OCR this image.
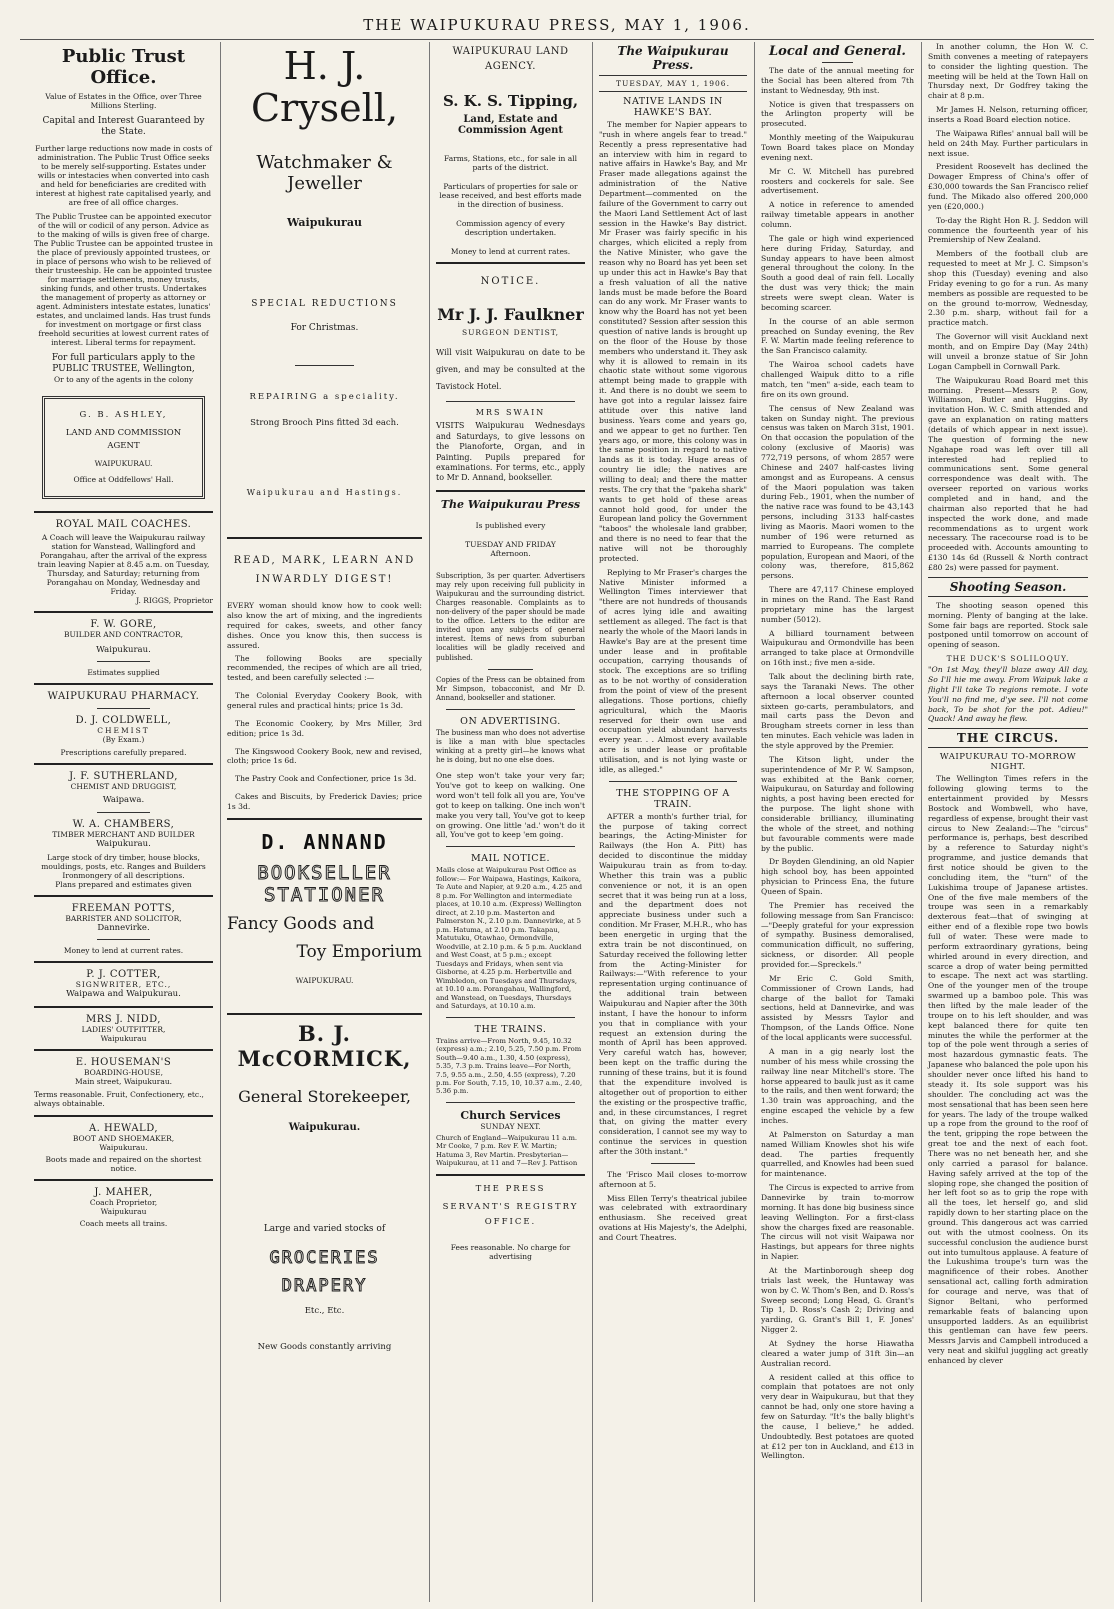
THE WAIPUKURAU PRESS, MAY 1, 1906.
Public Trust Office.
Value of Estates in the Office, over Three Millions Sterling.
Capital and Interest Guaranteed by the State.
Further large reductions now made in costs of administration. The Public Trust Office seeks to be merely self-supporting. Estates under wills or intestacies when converted into cash and held for beneficiaries are credited with interest at highest rate capitalised yearly, and are free of all office charges.
The Public Trustee can be appointed executor of the will or codicil of any person. Advice as to the making of wills is given free of charge. The Public Trustee can be appointed trustee in the place of previously appointed trustees, or in place of persons who wish to be relieved of their trusteeship. He can be appointed trustee for marriage settlements, money trusts, sinking funds, and other trusts. Undertakes the management of property as attorney or agent. Administers intestate estates, lunatics' estates, and unclaimed lands. Has trust funds for investment on mortgage or first class freehold securities at lowest current rates of interest. Liberal terms for repayment.
For full particulars apply to the PUBLIC TRUSTEE, Wellington,
Or to any of the agents in the colony
G. B. ASHLEY,
LAND AND COMMISSION AGENT
WAIPUKURAU.
Office at Oddfellows' Hall.
ROYAL MAIL COACHES.
A Coach will leave the Waipukurau railway station for Wanstead, Wallingford and Porangahau, after the arrival of the express train leaving Napier at 8.45 a.m. on Tuesday, Thursday, and Saturday; returning from Porangahau on Monday, Wednesday and Friday.
J. RIGGS, Proprietor
F. W. GORE,
BUILDER AND CONTRACTOR,
Waipukurau.
Estimates supplied
WAIPUKURAU PHARMACY.
D. J. COLDWELL,
CHEMIST
(By Exam.)
Prescriptions carefully prepared.
J. F. SUTHERLAND,
CHEMIST AND DRUGGIST,
Waipawa.
W. A. CHAMBERS,
TIMBER MERCHANT AND BUILDER
Waipukurau.
Large stock of dry timber, house blocks, mouldings, posts, etc. Ranges and Builders Ironmongery of all descriptions.
Plans prepared and estimates given
FREEMAN POTTS,
BARRISTER AND SOLICITOR,
Dannevirke.
Money to lend at current rates.
P. J. COTTER,
SIGNWRITER, ETC.,
Waipawa and Waipukurau.
MRS J. NIDD,
LADIES' OUTFITTER,
Waipukurau
E. HOUSEMAN'S
BOARDING-HOUSE,
Main street, Waipukurau.
Terms reasonable. Fruit, Confectionery, etc., always obtainable.
A. HEWALD,
BOOT AND SHOEMAKER,
Waipukurau.
Boots made and repaired on the shortest notice.
J. MAHER,
Coach Proprietor,
Waipukurau
Coach meets all trains.
H. J. Crysell,
Watchmaker & Jeweller
Waipukurau
SPECIAL REDUCTIONS
For Christmas.
REPAIRING a speciality.
Strong Brooch Pins fitted 3d each.
Waipukurau and Hastings.
READ, MARK, LEARN AND INWARDLY DIGEST!
EVERY woman should know how to cook well: also know the art of mixing, and the ingredients required for cakes, sweets, and other fancy dishes. Once you know this, then success is assured.
The following Books are specially recommended, the recipes of which are all tried, tested, and been carefully selected :—

The Colonial Everyday Cookery Book, with general rules and practical hints; price 1s 3d.

The Economic Cookery, by Mrs Miller, 3rd edition; price 1s 3d.

The Kingswood Cookery Book, new and revised, cloth; price 1s 6d.

The Pastry Cook and Confectioner, price 1s 3d.

Cakes and Biscuits, by Frederick Davies; price 1s 3d.

D. ANNAND
BOOKSELLER STATIONER
Fancy Goods and
Toy Emporium
WAIPUKURAU.
B. J. McCORMICK,
General Storekeeper,
Waipukurau.
Large and varied stocks of
GROCERIES
DRAPERY
Etc., Etc.
New Goods constantly arriving
WAIPUKURAU LAND AGENCY.
S. K. S. Tipping,
Land, Estate and Commission Agent
Farms, Stations, etc., for sale in all parts of the district.
Particulars of properties for sale or lease received, and best efforts made in the direction of business.
Commission agency of every description undertaken.
Money to lend at current rates.
NOTICE.
Mr J. J. Faulkner
SURGEON DENTIST,
Will visit Waipukurau on date to be given, and may be consulted at the Tavistock Hotel.
MRS SWAIN
VISITS Waipukurau Wednesdays and Saturdays, to give lessons on the Pianoforte, Organ, and in Painting. Pupils prepared for examinations. For terms, etc., apply to Mr D. Annand, bookseller.
The Waipukurau Press
Is published every
TUESDAY AND FRIDAY
Afternoon.
Subscription, 3s per quarter. Advertisers may rely upon receiving full publicity in Waipukurau and the surrounding district. Charges reasonable. Complaints as to non-delivery of the paper should be made to the office. Letters to the editor are invited upon any subjects of general interest. Items of news from suburban localities will be gladly received and published.
Copies of the Press can be obtained from Mr Simpson, tobacconist, and Mr D. Annand, bookseller and stationer.
ON ADVERTISING.
The business man who does not advertise is like a man with blue spectacles winking at a pretty girl—he knows what he is doing, but no one else does.
One step won't take your very far; You've got to keep on walking. One word won't tell folk all you are, You've got to keep on talking. One inch won't make you very tall, You've got to keep on growing. One little 'ad.' won't do it all, You've got to keep 'em going.
MAIL NOTICE.
Mails close at Waipukurau Post Office as follow:— For Waipawa, Hastings, Kaikora, Te Aute and Napier, at 9.20 a.m., 4.25 and 8 p.m. For Wellington and intermediate places, at 10.10 a.m. (Express) Wellington direct, at 2.10 p.m. Masterton and Palmerston N., 2.10 p.m. Dannevirke, at 5 p.m. Hatuma, at 2.10 p.m. Takapau, Matutuku, Otawhao, Ormondville, Woodville, at 2.10 p.m. & 5 p.m. Auckland and West Coast, at 5 p.m.; except Tuesdays and Fridays, when sent via Gisborne, at 4.25 p.m. Herbertville and Wimbledon, on Tuesdays and Thursdays, at 10.10 a.m. Porangahau, Wallingford, and Wanstead, on Tuesdays, Thursdays and Saturdays, at 10.10 a.m.
THE TRAINS.
Trains arrive—From North, 9.45, 10.32 (express) a.m.; 2.10, 5.25, 7.50 p.m. From South—9.40 a.m., 1.30, 4.50 (express), 5.35, 7.3 p.m. Trains leave—For North, 7.5, 9.55 a.m., 2.50, 4.55 (express), 7.20 p.m. For South, 7.15, 10, 10.37 a.m., 2.40, 5.36 p.m.
Church Services
SUNDAY NEXT.
Church of England—Waipukurau 11 a.m. Mr Cooke, 7 p.m. Rev F. W. Martin; Hatuma 3, Rev Martin. Presbyterian—Waipukurau, at 11 and 7—Rev J. Pattison
THE PRESS
SERVANT'S REGISTRY OFFICE.
Fees reasonable. No charge for advertising
The Waipukurau Press.
TUESDAY, MAY 1, 1906.
NATIVE LANDS IN HAWKE'S BAY.

The member for Napier appears to "rush in where angels fear to tread." Recently a press representative had an interview with him in regard to native affairs in Hawke's Bay, and Mr Fraser made allegations against the administration of the Native Department—commented on the failure of the Government to carry out the Maori Land Settlement Act of last session in the Hawke's Bay district. Mr Fraser was fairly specific in his charges, which elicited a reply from the Native Minister, who gave the reason why no Board has yet been set up under this act in Hawke's Bay that a fresh valuation of all the native lands must be made before the Board can do any work. Mr Fraser wants to know why the Board has not yet been constituted? Session after session this question of native lands is brought up on the floor of the House by those members who understand it. They ask why it is allowed to remain in its chaotic state without some vigorous attempt being made to grapple with it. And there is no doubt we seem to have got into a regular laissez faire attitude over this native land business. Years come and years go, and we appear to get no further. Ten years ago, or more, this colony was in the same position in regard to native lands as it is today. Huge areas of country lie idle; the natives are willing to deal; and there the matter rests. The cry that the "pakeha shark" wants to get hold of these areas cannot hold good, for under the European land policy the Government "taboos" the wholesale land grabber, and there is no need to fear that the native will not be thoroughly protected.

Replying to Mr Fraser's charges the Native Minister informed a Wellington Times interviewer that "there are not hundreds of thousands of acres lying idle and awaiting settlement as alleged. The fact is that nearly the whole of the Maori lands in Hawke's Bay are at the present time under lease and in profitable occupation, carrying thousands of stock. The exceptions are so trifling as to be not worthy of consideration from the point of view of the present allegations. Those portions, chiefly agricultural, which the Maoris reserved for their own use and occupation yield abundant harvests every year. . . Almost every available acre is under lease or profitable utilisation, and is not lying waste or idle, as alleged."

THE STOPPING OF A TRAIN.

AFTER a month's further trial, for the purpose of taking correct bearings, the Acting-Minister for Railways (the Hon A. Pitt) has decided to discontinue the midday Waipukurau train as from to-day. Whether this train was a public convenience or not, it is an open secret that it was being run at a loss, and the department does not appreciate business under such a condition. Mr Fraser, M.H.R., who has been energetic in urging that the extra train be not discontinued, on Saturday received the following letter from the Acting-Minister for Railways:—"With reference to your representation urging continuance of the additional train between Waipukurau and Napier after the 30th instant, I have the honour to inform you that in compliance with your request an extension during the month of April has been approved. Very careful watch has, however, been kept on the traffic during the running of these trains, but it is found that the expenditure involved is altogether out of proportion to either the existing or the prospective traffic, and, in these circumstances, I regret that, on giving the matter every consideration, I cannot see my way to continue the services in question after the 30th instant."

The 'Frisco Mail closes to-morrow afternoon at 5.

Miss Ellen Terry's theatrical jubilee was celebrated with extraordinary enthusiasm. She received great ovations at His Majesty's, the Adelphi, and Court Theatres.

Local and General.

The date of the annual meeting for the Social has been altered from 7th instant to Wednesday, 9th inst.

Notice is given that trespassers on the Arlington property will be prosecuted.

Monthly meeting of the Waipukurau Town Board takes place on Monday evening next.

Mr C. W. Mitchell has purebred roosters and cockerels for sale. See advertisement.

A notice in reference to amended railway timetable appears in another column.

The gale or high wind experienced here during Friday, Saturday, and Sunday appears to have been almost general throughout the colony. In the South a good deal of rain fell. Locally the dust was very thick; the main streets were swept clean. Water is becoming scarcer.

In the course of an able sermon preached on Sunday evening, the Rev F. W. Martin made feeling reference to the San Francisco calamity.

The Wairoa school cadets have challenged Waipuk ditto to a rifle match, ten "men" a-side, each team to fire on its own ground.

The census of New Zealand was taken on Sunday night. The previous census was taken on March 31st, 1901. On that occasion the population of the colony (exclusive of Maoris) was 772,719 persons, of whom 2857 were Chinese and 2407 half-castes living amongst and as Europeans. A census of the Maori population was taken during Feb., 1901, when the number of the native race was found to be 43,143 persons, including 3133 half-castes living as Maoris. Maori women to the number of 196 were returned as married to Europeans. The complete population, European and Maori, of the colony was, therefore, 815,862 persons.

There are 47,117 Chinese employed in mines on the Rand. The East Rand proprietary mine has the largest number (5012).

A billiard tournament between Waipukurau and Ormondville has been arranged to take place at Ormondville on 16th inst.; five men a-side.

Talk about the declining birth rate, says the Taranaki News. The other afternoon a local observer counted sixteen go-carts, perambulators, and mail carts pass the Devon and Brougham streets corner in less than ten minutes. Each vehicle was laden in the style approved by the Premier.

The Kitson light, under the superintendence of Mr P. W. Sampson, was exhibited at the Bank corner, Waipukurau, on Saturday and following nights, a post having been erected for the purpose. The light shone with considerable brilliancy, illuminating the whole of the street, and nothing but favourable comments were made by the public.

Dr Boyden Glendining, an old Napier high school boy, has been appointed physician to Princess Ena, the future Queen of Spain.

The Premier has received the following message from San Francisco:—"Deeply grateful for your expression of sympathy. Business demoralised, communication difficult, no suffering, sickness, or disorder. All people provided for.—Spreckels."

Mr Eric C. Gold Smith, Commissioner of Crown Lands, had charge of the ballot for Tamaki sections, held at Dannevirke, and was assisted by Messrs Taylor and Thompson, of the Lands Office. None of the local applicants were successful.

A man in a gig nearly lost the number of his mess while crossing the railway line near Mitchell's store. The horse appeared to baulk just as it came to the rails, and then went forward; the 1.30 train was approaching, and the engine escaped the vehicle by a few inches.

At Palmerston on Saturday a man named William Knowles shot his wife dead. The parties frequently quarrelled, and Knowles had been sued for maintenance.

The Circus is expected to arrive from Dannevirke by train to-morrow morning. It has done big business since leaving Wellington. For a first-class show the charges fixed are reasonable. The circus will not visit Waipawa nor Hastings, but appears for three nights in Napier.

At the Martinborough sheep dog trials last week, the Huntaway was won by C. W. Thom's Ben, and D. Ross's Sweep second; Long Head, G. Grant's Tip 1, D. Ross's Cash 2; Driving and yarding, G. Grant's Bill 1, F. Jones' Nigger 2.

At Sydney the horse Hiawatha cleared a water jump of 31ft 3in—an Australian record.

A resident called at this office to complain that potatoes are not only very dear in Waipukurau, but that they cannot be had, only one store having a few on Saturday. "It's the bally blight's the cause, I believe," he added. Undoubtedly. Best potatoes are quoted at £12 per ton in Auckland, and £13 in Wellington.

In another column, the Hon W. C. Smith convenes a meeting of ratepayers to consider the lighting question. The meeting will be held at the Town Hall on Thursday next, Dr Godfrey taking the chair at 8 p.m.

Mr James H. Nelson, returning officer, inserts a Road Board election notice.

The Waipawa Rifles' annual ball will be held on 24th May. Further particulars in next issue.

President Roosevelt has declined the Dowager Empress of China's offer of £30,000 towards the San Francisco relief fund. The Mikado also offered 200,000 yen (£20,000.)

To-day the Right Hon R. J. Seddon will commence the fourteenth year of his Premiership of New Zealand.

Members of the football club are requested to meet at Mr J. C. Simpson's shop this (Tuesday) evening and also Friday evening to go for a run. As many members as possible are requested to be on the ground to-morrow, Wednesday, 2.30 p.m. sharp, without fail for a practice match.

The Governor will visit Auckland next month, and on Empire Day (May 24th) will unveil a bronze statue of Sir John Logan Campbell in Cornwall Park.

The Waipukurau Road Board met this morning. Present—Messrs P. Gow, Williamson, Butler and Huggins. By invitation Hon. W. C. Smith attended and gave an explanation on rating matters (details of which appear in next issue). The question of forming the new Ngahape road was left over till all interested had replied to communications sent. Some general correspondence was dealt with. The overseer reported on various works completed and in hand, and the chairman also reported that he had inspected the work done, and made recommendations as to urgent work necessary. The racecourse road is to be proceeded with. Accounts amounting to £130 14s 6d (Russell & North contract £80 2s) were passed for payment.

Shooting Season.

The shooting season opened this morning. Plenty of banging at the lake. Some fair bags are reported. Stock sale postponed until tomorrow on account of opening of season.

THE DUCK'S SOLILOQUY.
"On 1st May, they'll blaze away All day, So I'll hie me away. From Waipuk lake a flight I'll take To regions remote. I vote You'll no find me, d'ye see. I'll not come back, To be shot for the pot. Adieu!" Quack! And away he flew.
THE CIRCUS.
WAIPUKURAU TO-MORROW NIGHT.

The Wellington Times refers in the following glowing terms to the entertainment provided by Messrs Bostock and Wombwell, who have, regardless of expense, brought their vast circus to New Zealand:—The "circus" performance is, perhaps, best described by a reference to Saturday night's programme, and justice demands that first notice should be given to the concluding item, the "turn" of the Lukishima troupe of Japanese artistes. One of the five male members of the troupe was seen in a remarkably dexterous feat—that of swinging at either end of a flexible rope two bowls full of water. These were made to perform extraordinary gyrations, being whirled around in every direction, and scarce a drop of water being permitted to escape. The next act was startling. One of the younger men of the troupe swarmed up a bamboo pole. This was then lifted by the male leader of the troupe on to his left shoulder, and was kept balanced there for quite ten minutes the while the performer at the top of the pole went through a series of most hazardous gymnastic feats. The Japanese who balanced the pole upon his shoulder never once lifted his hand to steady it. Its sole support was his shoulder. The concluding act was the most sensational that has been seen here for years. The lady of the troupe walked up a rope from the ground to the roof of the tent, gripping the rope between the great toe and the next of each foot. There was no net beneath her, and she only carried a parasol for balance. Having safely arrived at the top of the sloping rope, she changed the position of her left foot so as to grip the rope with all the toes, let herself go, and slid rapidly down to her starting place on the ground. This dangerous act was carried out with the utmost coolness. On its successful conclusion the audience burst out into tumultous applause. A feature of the Lukushima troupe's turn was the magnificence of their robes. Another sensational act, calling forth admiration for courage and nerve, was that of Signor Beltani, who performed remarkable feats of balancing upon unsupported ladders. As an equilibrist this gentleman can have few peers. Messrs Jarvis and Campbell introduced a very neat and skilful juggling act greatly enhanced by clever
